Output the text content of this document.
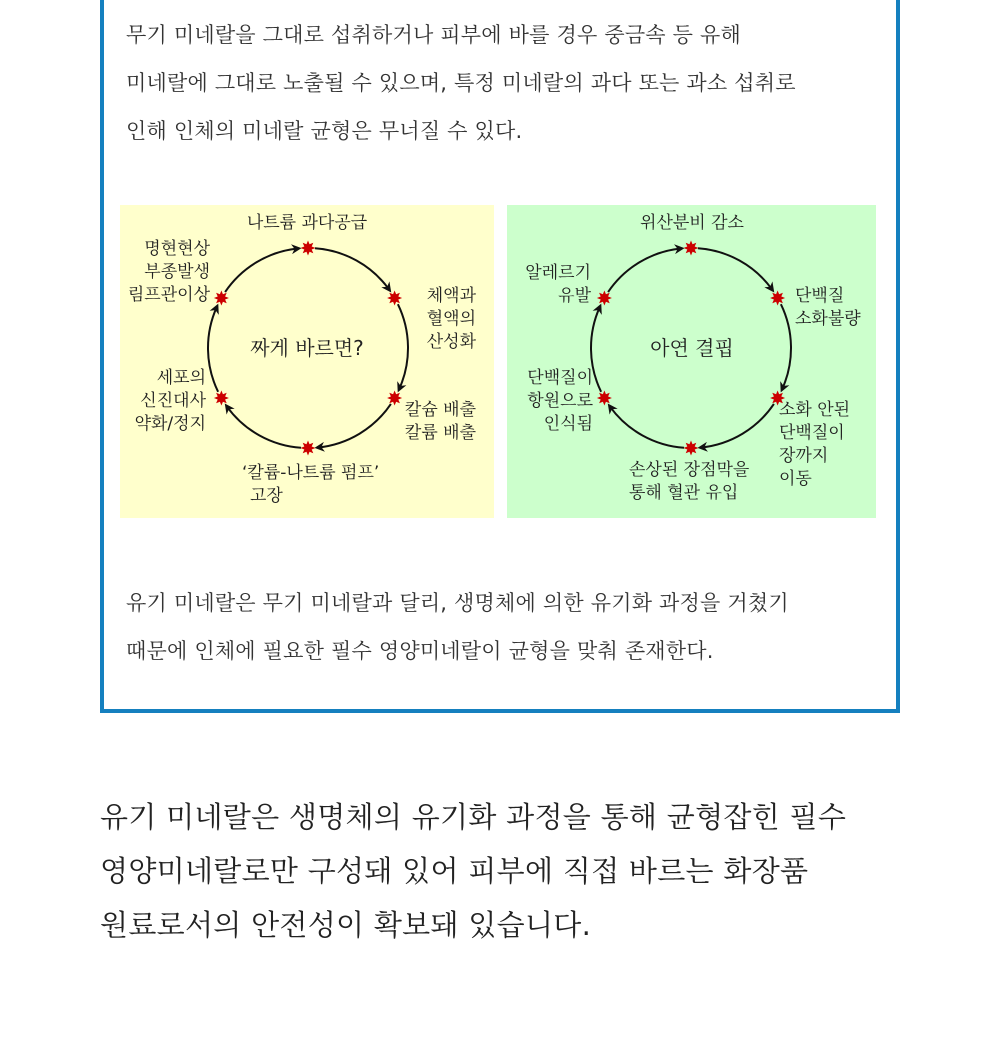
무기 미네랄을 그대로 섭취하거나 피부에 바를 경우 중금속 등 유해
미네랄에 그대로 노출될 수 있으며, 특정 미네랄의 과다 또는 과소 섭취로
인해 인체의 미네랄 균형은 무너질 수 있다.
짜게 바르면?
나트륨 과다공급
명현현상
부종발생
림프관이상	체액과
혈액의
산성화
칼슘 배출
칼륨 배출
‘칼륨-나트륨 펌프’
고장
세포의
신진대사
약화/정지
아연 결핍
위산분비 감소
단백질
소화불량
소화 안된
단백질이
장까지
이동
손상된 장점막을
통해 혈관 유입
단백질이
항원으로
인식됨
알레르기
유발
유기 미네랄은 무기 미네랄과 달리, 생명체에 의한 유기화 과정을 거쳤기
때문에 인체에 필요한 필수 영양미네랄이 균형을 맞춰 존재한다.
유기 미네랄은 생명체의 유기화 과정을 통해 균형잡힌 필수
영양미네랄로만 구성돼 있어 피부에 직접 바르는 화장품
원료로서의 안전성이 확보돼 있습니다.
